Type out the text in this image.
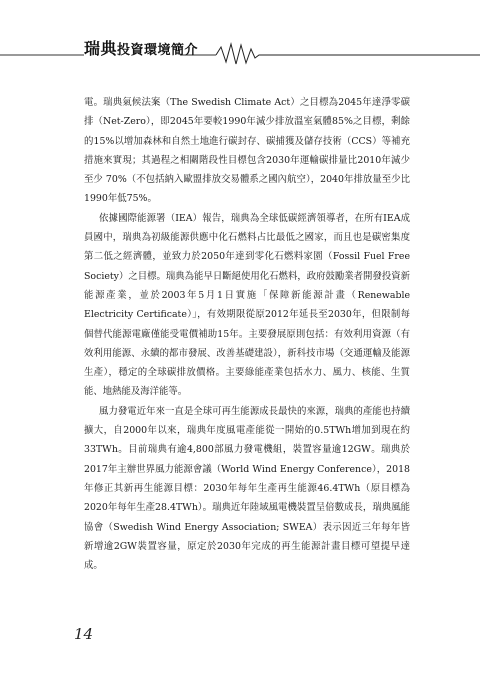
瑞典投資環境簡介

電。瑞典氣候法案（The Swedish Climate Act）之目標為2045年達淨零碳排（Net-Zero），即2045年要較1990年減少排放溫室氣體85%之目標，剩餘的15%以增加森林和自然土地進行碳封存、碳捕獲及儲存技術（CCS）等補充措施來實現；其過程之相關階段性目標包含2030年運輸碳排量比2010年減少至少 70%（不包括納入歐盟排放交易體系之國內航空），2040年排放量至少比1990年低75%。

依據國際能源署（IEA）報告，瑞典為全球低碳經濟領導者，在所有IEA成員國中，瑞典為初級能源供應中化石燃料占比最低之國家，而且也是碳密集度第二低之經濟體，並致力於2050年達到零化石燃料家園（Fossil Fuel Free Society）之目標。瑞典為能早日斷絕使用化石燃料，政府鼓勵業者開發投資新能源產業，並於2003年5月1日實施「保障新能源計畫（Renewable Electricity Certificate）」，有效期限從原2012年延長至2030年，但限制每個替代能源電廠僅能受電價補助15年。主要發展原則包括：有效利用資源（有效利用能源、永續的都市發展、改善基礎建設），新科技市場（交通運輸及能源生產），穩定的全球碳排放價格。主要綠能產業包括水力、風力、核能、生質能、地熱能及海洋能等。

風力發電近年來一直是全球可再生能源成長最快的來源，瑞典的產能也持續擴大，自2000年以來，瑞典年度風電產能從一開始的0.5TWh增加到現在約33TWh。目前瑞典有逾4,800部風力發電機組，裝置容量逾12GW。瑞典於2017年主辦世界風力能源會議（World Wind Energy Conference），2018年修正其新再生能源目標：2030年每年生產再生能源46.4TWh（原目標為2020年每年生產28.4TWh）。瑞典近年陸域風電機裝置呈倍數成長，瑞典風能協會（Swedish Wind Energy Association; SWEA）表示因近三年每年皆新增逾2GW裝置容量，原定於2030年完成的再生能源計畫目標可望提早達成。

14
